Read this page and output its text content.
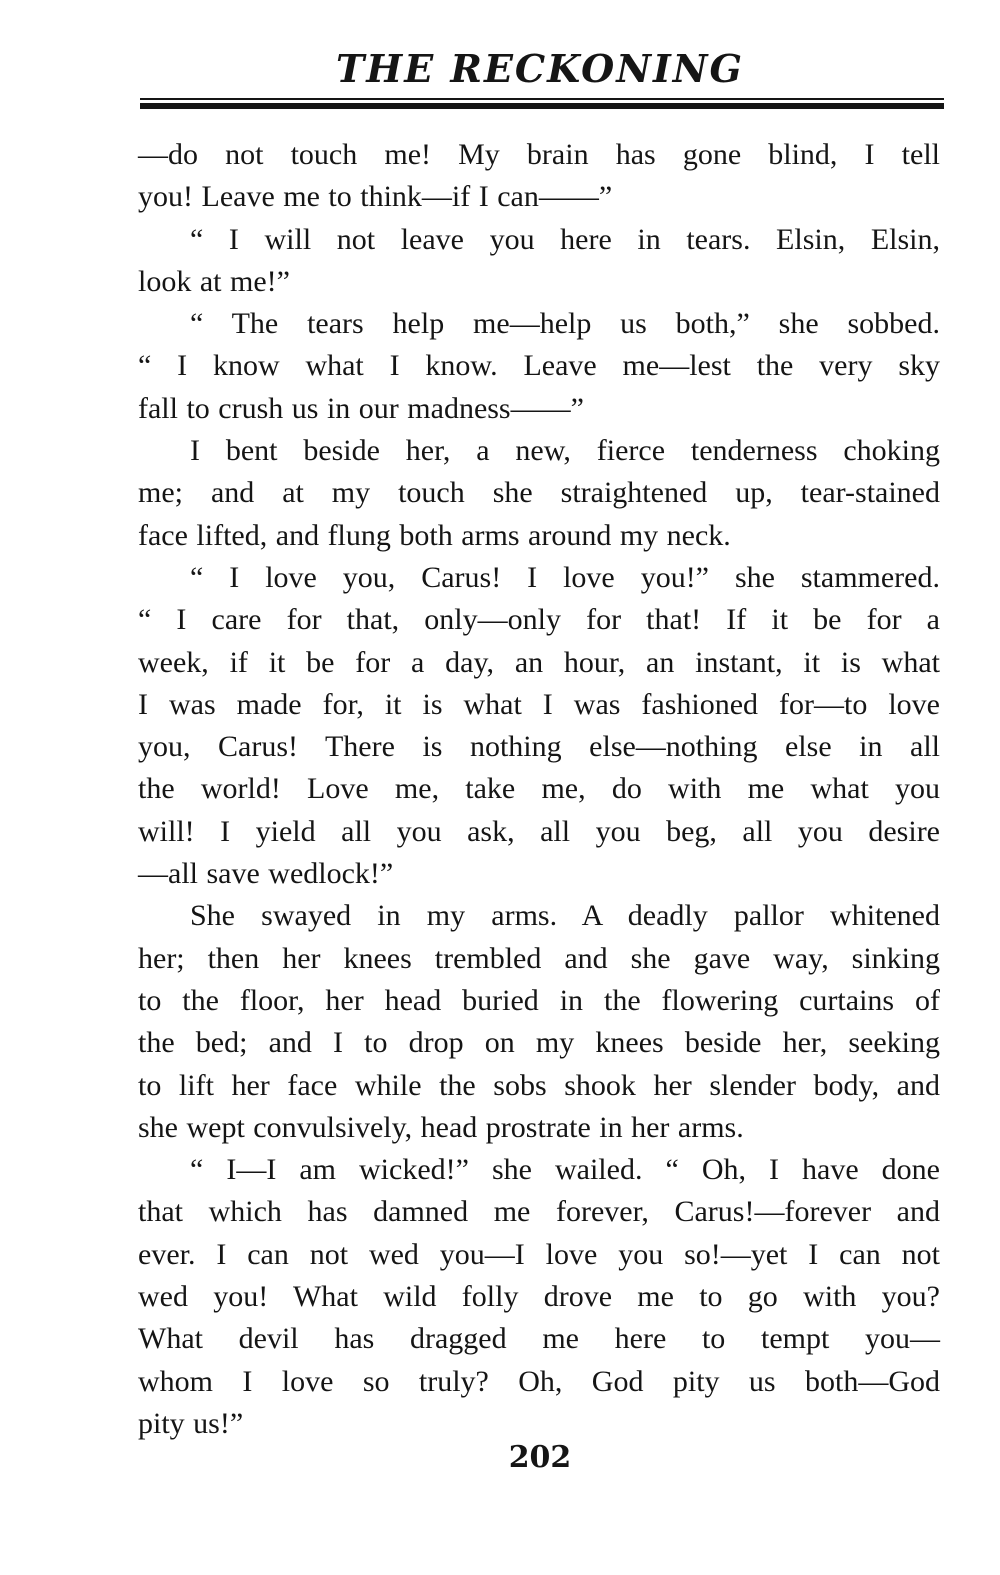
THE RECKONING
—do not touch me! My brain has gone blind, I tell
you! Leave me to think—if I can——”
“ I will not leave you here in tears. Elsin, Elsin,
look at me!”
“ The tears help me—help us both,” she sobbed.
“ I know what I know. Leave me—lest the very sky
fall to crush us in our madness——”
I bent beside her, a new, fierce tenderness choking
me; and at my touch she straightened up, tear-stained
face lifted, and flung both arms around my neck.
“ I love you, Carus! I love you!” she stammered.
“ I care for that, only—only for that! If it be for a
week, if it be for a day, an hour, an instant, it is what
I was made for, it is what I was fashioned for—to love
you, Carus! There is nothing else—nothing else in all
the world! Love me, take me, do with me what you
will! I yield all you ask, all you beg, all you desire
—all save wedlock!”
She swayed in my arms. A deadly pallor whitened
her; then her knees trembled and she gave way, sinking
to the floor, her head buried in the flowering curtains of
the bed; and I to drop on my knees beside her, seeking
to lift her face while the sobs shook her slender body, and
she wept convulsively, head prostrate in her arms.
“ I—I am wicked!” she wailed. “ Oh, I have done
that which has damned me forever, Carus!—forever and
ever. I can not wed you—I love you so!—yet I can not
wed you! What wild folly drove me to go with you?
What devil has dragged me here to tempt you—
whom I love so truly? Oh, God pity us both—God
pity us!”
202
